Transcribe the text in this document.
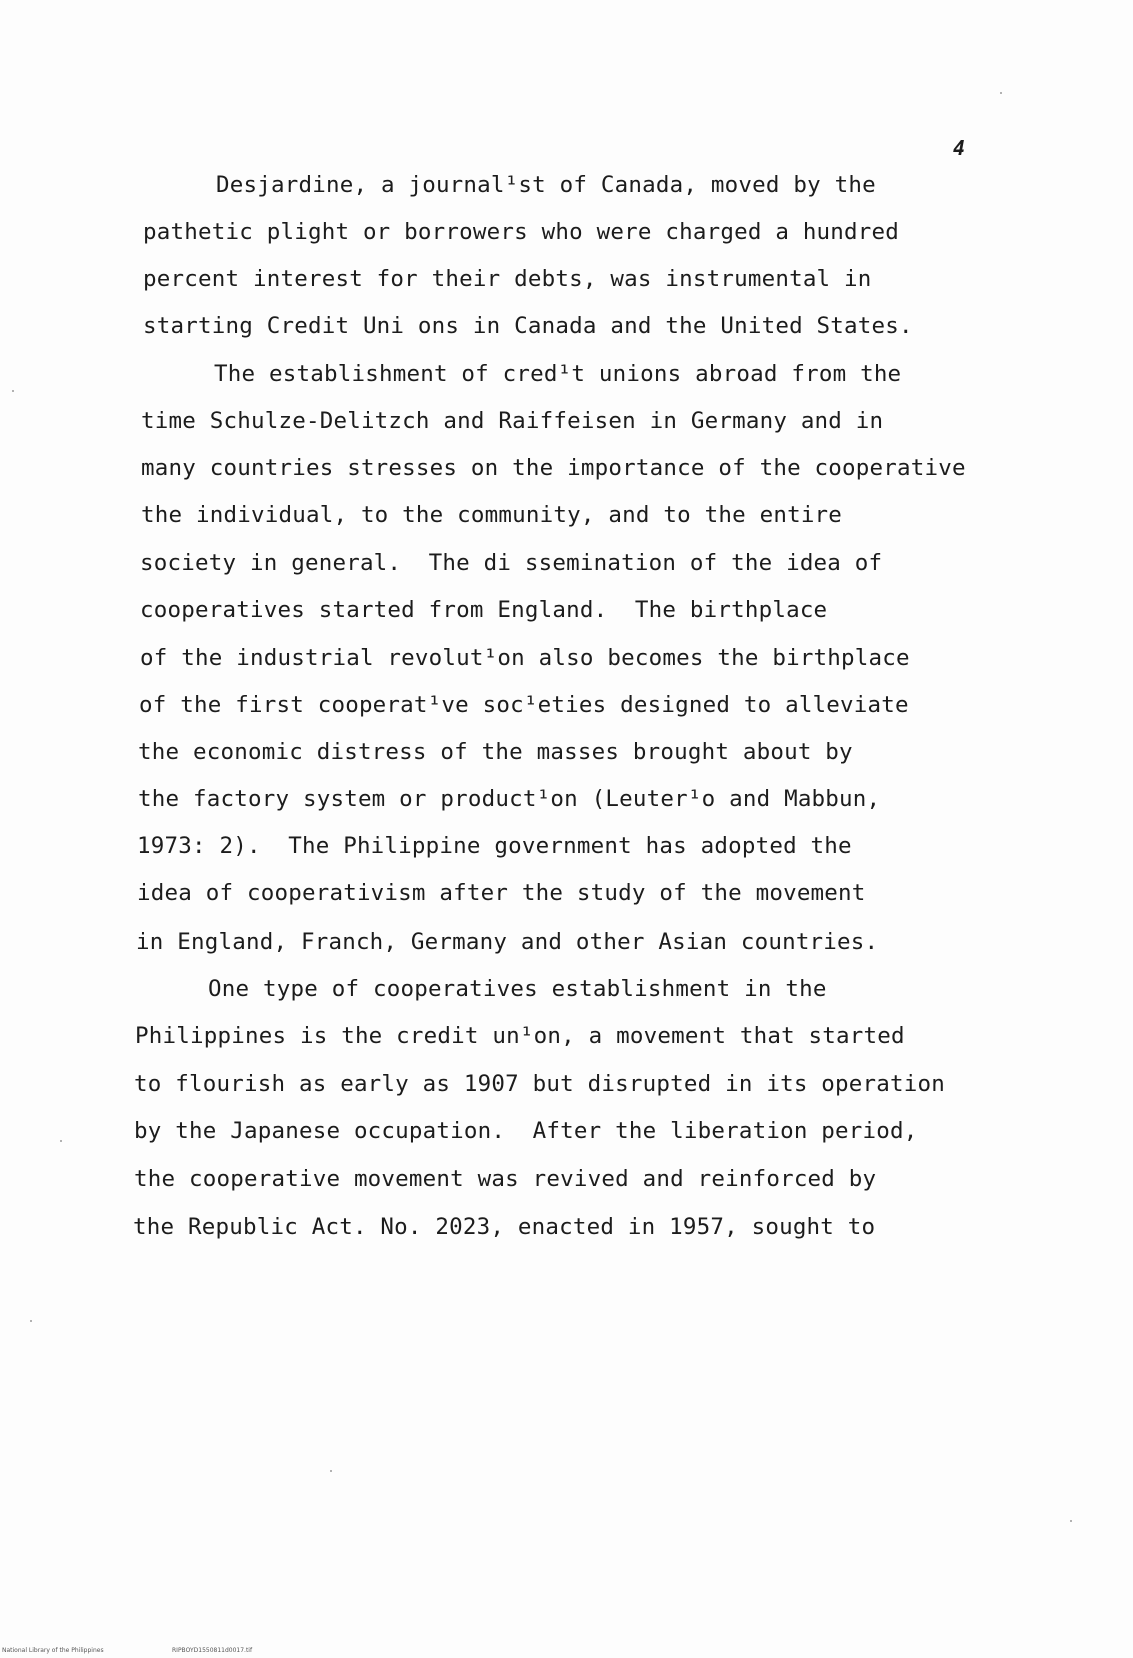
4
Desjardine, a journal¹st of Canada, moved by the
pathetic plight or borrowers who were charged a hundred
percent interest for their debts, was instrumental in
starting Credit Uni ons in Canada and the United States.
The establishment of cred¹t unions abroad from the
time Schulze-Delitzch and Raiffeisen in Germany and in
many countries stresses on the importance of the cooperative
the individual, to the community, and to the entire
society in general.  The di ssemination of the idea of
cooperatives started from England.  The birthplace
of the industrial revolut¹on also becomes the birthplace
of the first cooperat¹ve soc¹eties designed to alleviate
the economic distress of the masses brought about by
the factory system or product¹on (Leuter¹o and Mabbun,
1973: 2).  The Philippine government has adopted the
idea of cooperativism after the study of the movement
in England, Franch, Germany and other Asian countries.
One type of cooperatives establishment in the
Philippines is the credit un¹on, a movement that started
to flourish as early as 1907 but disrupted in its operation
by the Japanese occupation.  After the liberation period,
the cooperative movement was revived and reinforced by
the Republic Act. No. 2023, enacted in 1957, sought to
National Library of the Philippines	RIPBOYD1550811d0017.tif
